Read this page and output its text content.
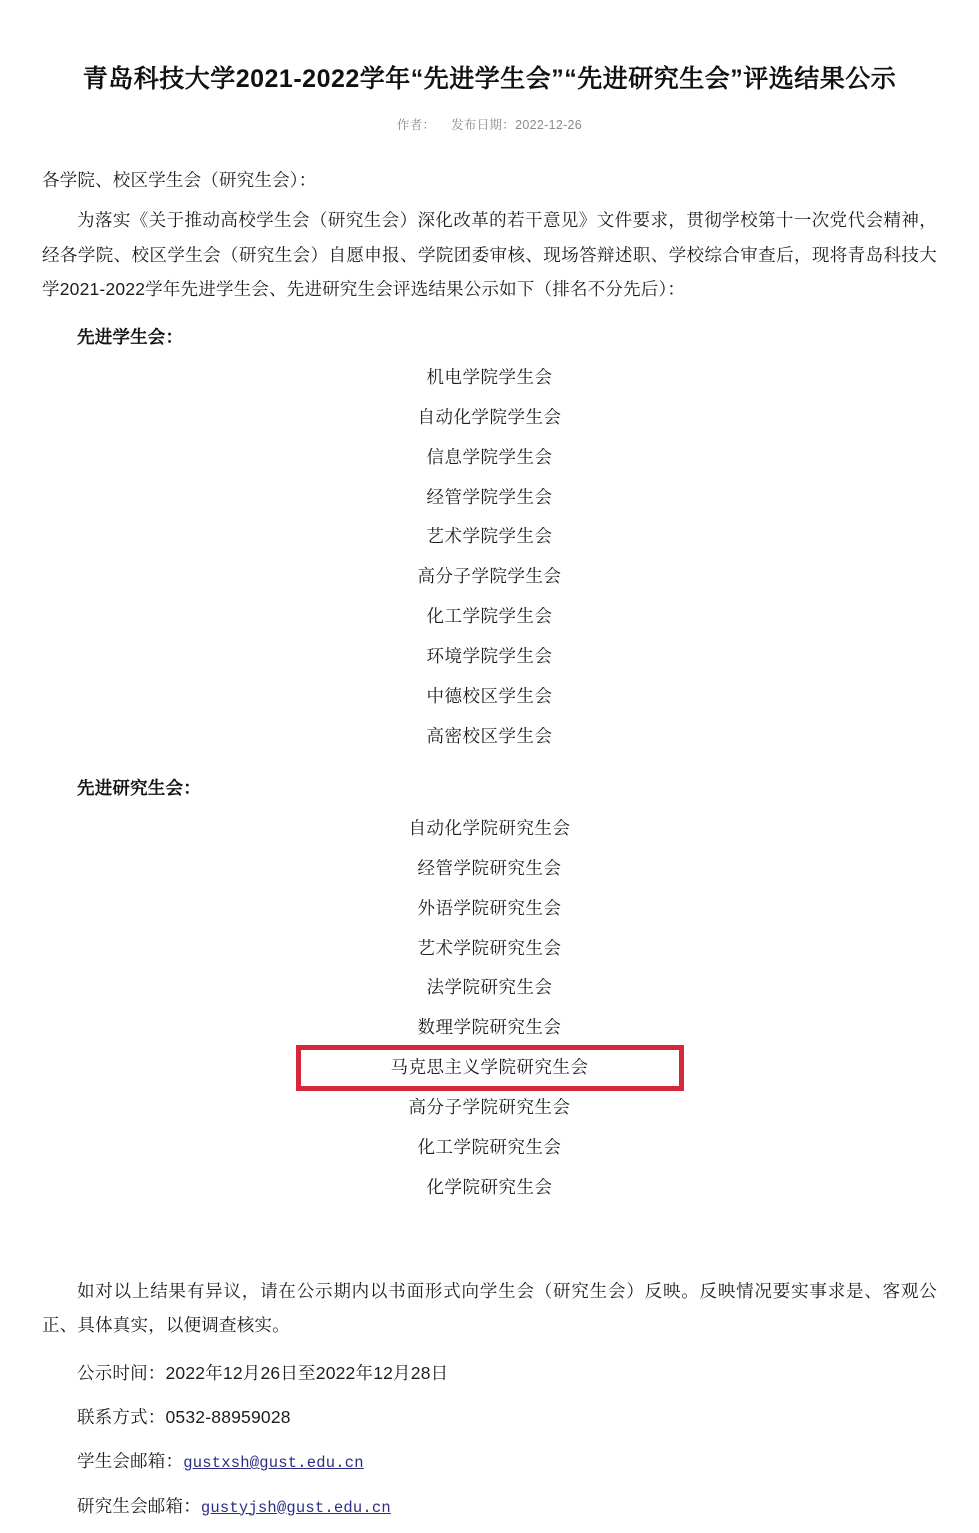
青岛科技大学2021-2022学年“先进学生会”“先进研究生会”评选结果公示
作者： 发布日期：2022-12-26

各学院、校区学生会（研究生会）：

为落实《关于推动高校学生会（研究生会）深化改革的若干意见》文件要求，贯彻学校第十一次党代会精神，经各学院、校区学生会（研究生会）自愿申报、学院团委审核、现场答辩述职、学校综合审查后，现将青岛科技大学2021-2022学年先进学生会、先进研究生会评选结果公示如下（排名不分先后）：

先进学生会：
机电学院学生会
自动化学院学生会
信息学院学生会
经管学院学生会
艺术学院学生会
高分子学院学生会
化工学院学生会
环境学院学生会
中德校区学生会
高密校区学生会
先进研究生会：
自动化学院研究生会
经管学院研究生会
外语学院研究生会
艺术学院研究生会
法学院研究生会
数理学院研究生会
马克思主义学院研究生会
高分子学院研究生会
化工学院研究生会
化学院研究生会

如对以上结果有异议，请在公示期内以书面形式向学生会（研究生会）反映。反映情况要实事求是、客观公正、具体真实，以便调查核实。

公示时间：2022年12月26日至2022年12月28日

联系方式：0532-88959028

学生会邮箱：gustxsh@gust.edu.cn

研究生会邮箱：gustyjsh@gust.edu.cn
